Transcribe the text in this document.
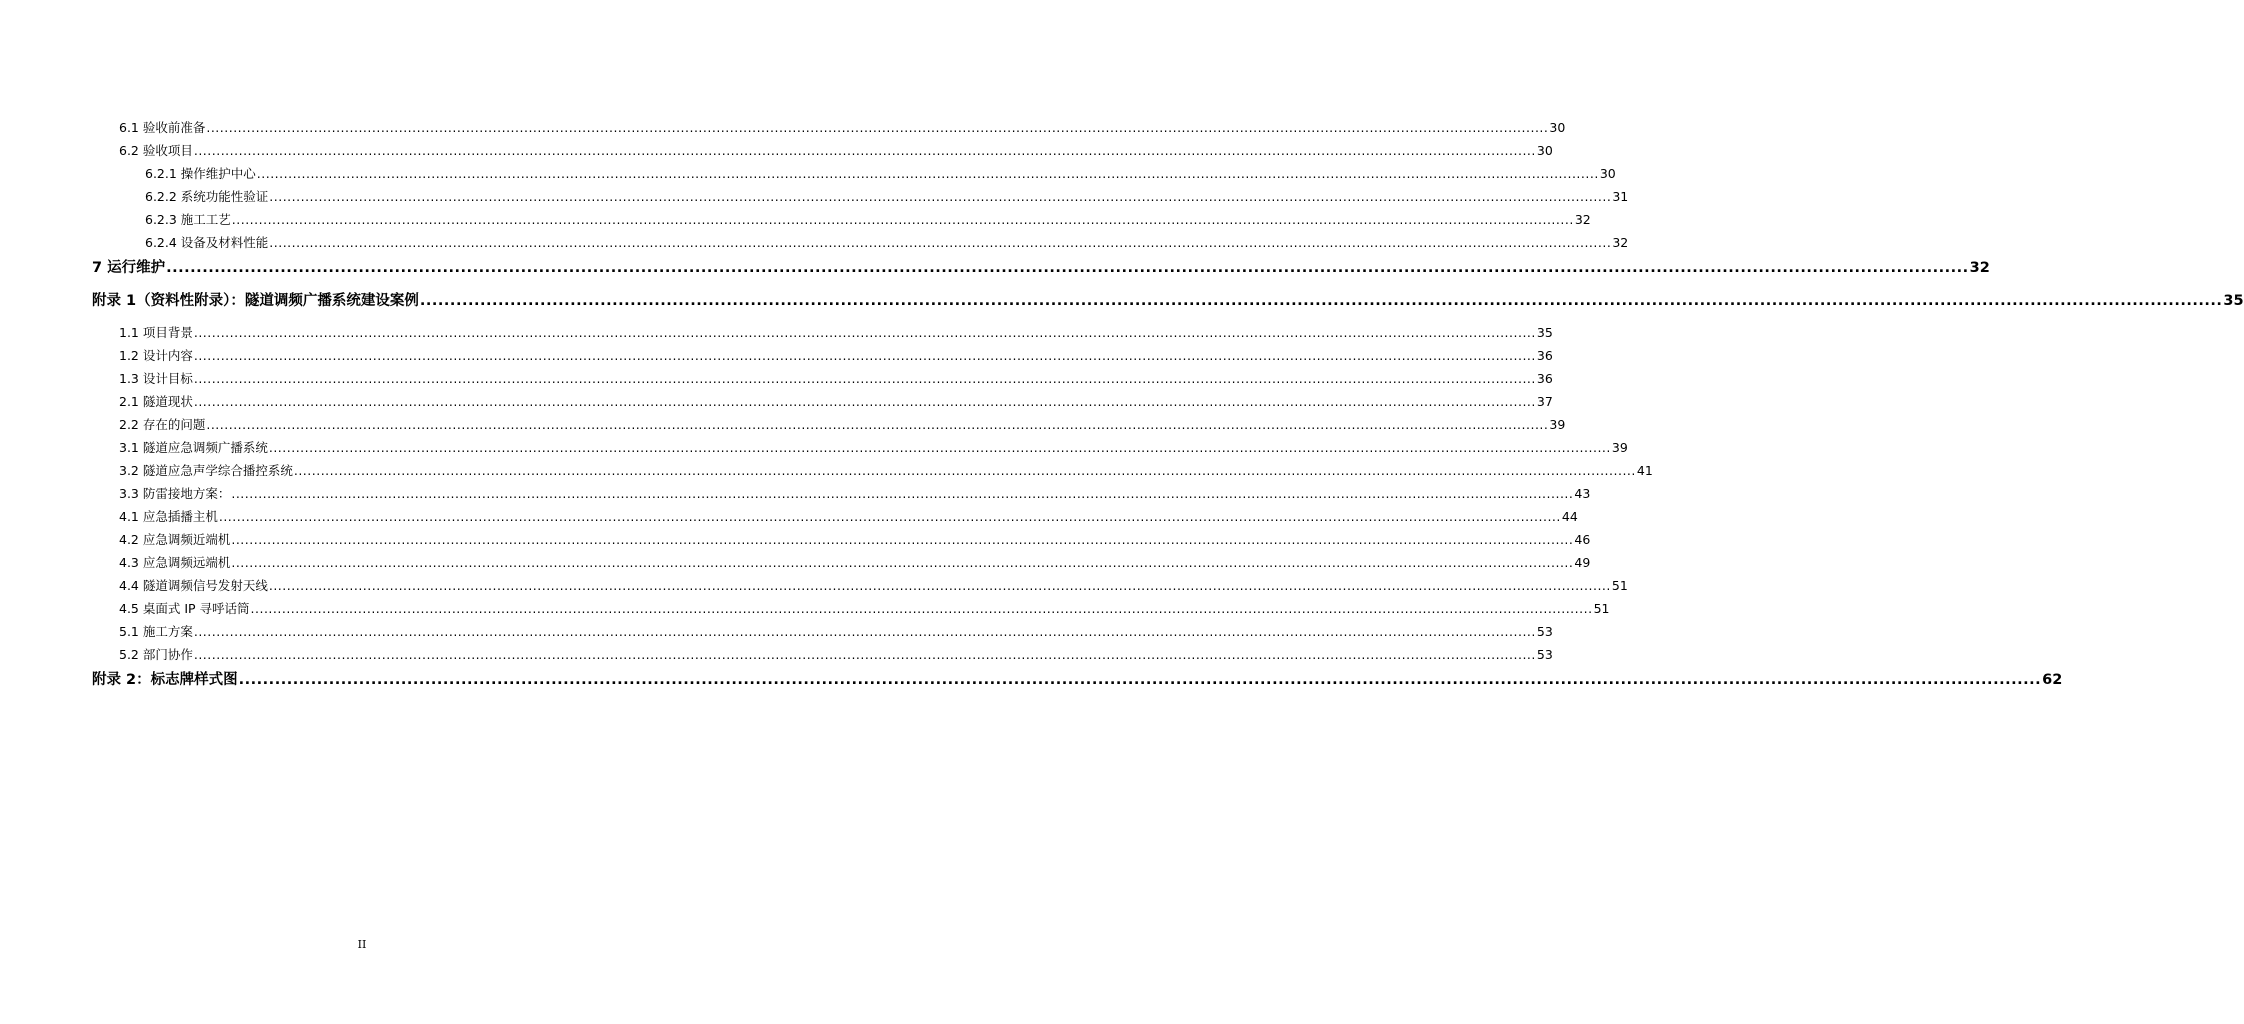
6.1 验收前准备 ............................................................................................................................................................................................................................................................................................................ 30
6.2 验收项目 ............................................................................................................................................................................................................................................................................................................ 30
6.2.1 操作维护中心 ............................................................................................................................................................................................................................................................................................................ 30
6.2.2 系统功能性验证 ............................................................................................................................................................................................................................................................................................................ 31
6.2.3 施工工艺 ............................................................................................................................................................................................................................................................................................................ 32
6.2.4 设备及材料性能 ............................................................................................................................................................................................................................................................................................................ 32
7 运行维护 ............................................................................................................................................................................................................................................................................................................ 32
附录 1（资料性附录）：隧道调频广播系统建设案例 ............................................................................................................................................................................................................................................................................................................ 35
1.1 项目背景 ............................................................................................................................................................................................................................................................................................................ 35
1.2 设计内容 ............................................................................................................................................................................................................................................................................................................ 36
1.3 设计目标 ............................................................................................................................................................................................................................................................................................................ 36
2.1 隧道现状 ............................................................................................................................................................................................................................................................................................................ 37
2.2 存在的问题 ............................................................................................................................................................................................................................................................................................................ 39
3.1 隧道应急调频广播系统 ............................................................................................................................................................................................................................................................................................................ 39
3.2 隧道应急声学综合播控系统 ............................................................................................................................................................................................................................................................................................................ 41
3.3 防雷接地方案： ............................................................................................................................................................................................................................................................................................................ 43
4.1 应急插播主机 ............................................................................................................................................................................................................................................................................................................ 44
4.2 应急调频近端机 ............................................................................................................................................................................................................................................................................................................ 46
4.3 应急调频远端机 ............................................................................................................................................................................................................................................................................................................ 49
4.4 隧道调频信号发射天线 ............................................................................................................................................................................................................................................................................................................ 51
4.5 桌面式 IP 寻呼话筒 ............................................................................................................................................................................................................................................................................................................ 51
5.1 施工方案 ............................................................................................................................................................................................................................................................................................................ 53
5.2 部门协作 ............................................................................................................................................................................................................................................................................................................ 53
附录 2：标志牌样式图 ............................................................................................................................................................................................................................................................................................................ 62
II
